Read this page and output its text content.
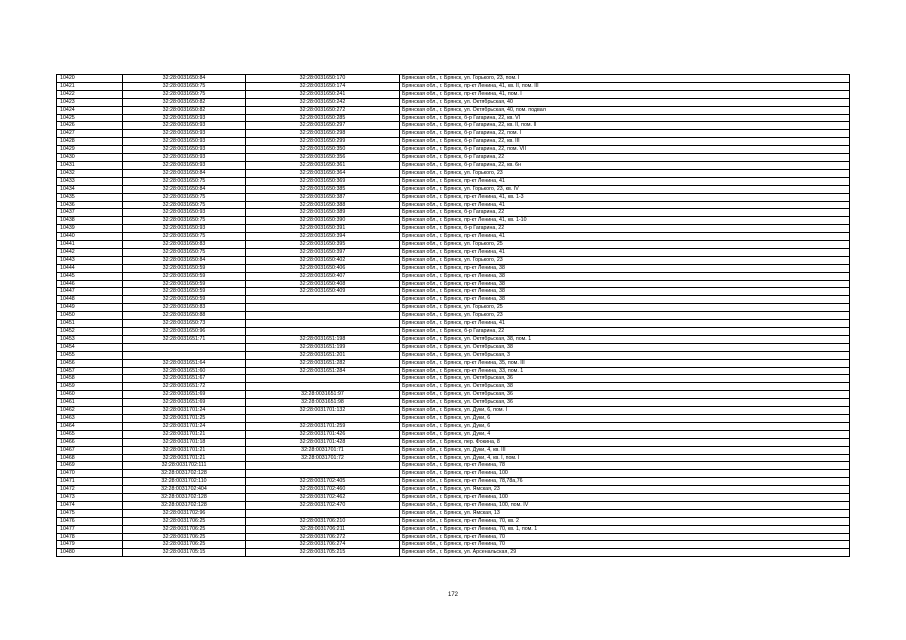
10420	32:28:0031650:84	32:28:0031650:170	Брянская обл., г. Брянск, ул. Горького, 23, пом. I
10421	32:28:0031650:75	32:28:0031650:174	Брянская обл., г. Брянск, пр-кт Ленина, 41, кв. II, пом. III
10422	32:28:0031650:75	32:28:0031650:241	Брянская обл., г. Брянск, пр-кт Ленина, 41, пом. I
10423	32:28:0031650:82	32:28:0031650:242	Брянская обл., г. Брянск, ул. Октябрьская, 40
10424	32:28:0031650:82	32:28:0031650:272	Брянская обл., г. Брянск, ул. Октябрьская, 40, пом. подвал
10425	32:28:0031650:93	32:28:0031650:285	Брянская обл., г. Брянск, б-р Гагарина, 22, кв. VI
10426	32:28:0031650:93	32:28:0031650:297	Брянская обл., г. Брянск, б-р Гагарина, 22, кв. II, пом. II
10427	32:28:0031650:93	32:28:0031650:298	Брянская обл., г. Брянск, б-р Гагарина, 22, пом. I
10428	32:28:0031650:93	32:28:0031650:299	Брянская обл., г. Брянск, б-р Гагарина, 22, кв. III
10429	32:28:0031650:93	32:28:0031650:350	Брянская обл., г. Брянск, б-р Гагарина, 22, пом. VII
10430	32:28:0031650:93	32:28:0031650:356	Брянская обл., г. Брянск, б-р Гагарина, 22
10431	32:28:0031650:93	32:28:0031650:361	Брянская обл., г. Брянск, б-р Гагарина, 22, кв. 6н
10432	32:28:0031650:84	32:28:0031650:364	Брянская обл., г. Брянск, ул. Горького, 23
10433	32:28:0031650:75	32:28:0031650:369	Брянская обл., г. Брянск, пр-кт Ленина, 41
10434	32:28:0031650:84	32:28:0031650:385	Брянская обл., г. Брянск, ул. Горького, 23, кв. IV
10435	32:28:0031650:75	32:28:0031650:387	Брянская обл., г. Брянск, пр-кт Ленина, 41, кв. 1-3
10436	32:28:0031650:75	32:28:0031650:388	Брянская обл., г. Брянск, пр-кт Ленина, 41
10437	32:28:0031650:93	32:28:0031650:389	Брянская обл., г. Брянск, б-р Гагарина, 22
10438	32:28:0031650:75	32:28:0031650:390	Брянская обл., г. Брянск, пр-кт Ленина, 41, кв. 1-10
10439	32:28:0031650:93	32:28:0031650:391	Брянская обл., г. Брянск, б-р Гагарина, 22
10440	32:28:0031650:75	32:28:0031650:394	Брянская обл., г. Брянск, пр-кт Ленина, 41
10441	32:28:0031650:83	32:28:0031650:395	Брянская обл., г. Брянск, ул. Горького, 25
10442	32:28:0031650:75	32:28:0031650:397	Брянская обл., г. Брянск, пр-кт Ленина, 41
10443	32:28:0031650:84	32:28:0031650:402	Брянская обл., г. Брянск, ул. Горького, 23
10444	32:28:0031650:59	32:28:0031650:406	Брянская обл., г. Брянск, пр-кт Ленина, 38
10445	32:28:0031650:59	32:28:0031650:407	Брянская обл., г. Брянск, пр-кт Ленина, 38
10446	32:28:0031650:59	32:28:0031650:408	Брянская обл., г. Брянск, пр-кт Ленина, 38
10447	32:28:0031650:59	32:28:0031650:409	Брянская обл., г. Брянск, пр-кт Ленина, 38
10448	32:28:0031650:59		Брянская обл., г. Брянск, пр-кт Ленина, 38
10449	32:28:0031650:83		Брянская обл., г. Брянск, ул. Горького, 25
10450	32:28:0031650:88		Брянская обл., г. Брянск, ул. Горького, 23
10451	32:28:0031650:73		Брянская обл., г. Брянск, пр-кт Ленина, 41
10452	32:28:0031650:96		Брянская обл., г. Брянск, б-р Гагарина, 22
10453	32:28:0031651:71	32:28:0031651:198	Брянская обл., г. Брянск, ул. Октябрьская, 38, пом. 1
10454		32:28:0031651:199	Брянская обл., г. Брянск, ул. Октябрьская, 38
10455		32:28:0031651:201	Брянская обл., г. Брянск, ул. Октябрьская, 3
10456	32:28:0031651:64	32:28:0031651:282	Брянская обл., г. Брянск, пр-кт Ленина, 35, пом. III
10457	32:28:0031651:60	32:28:0031651:284	Брянская обл., г. Брянск, пр-кт Ленина, 33, пом. 1
10458	32:28:0031651:67		Брянская обл., г. Брянск, ул. Октябрьская, 36
10459	32:28:0031651:72		Брянская обл., г. Брянск, ул. Октябрьская, 38
10460	32:28:0031651:69	32:28:0031651:97	Брянская обл., г. Брянск, ул. Октябрьская, 36
10461	32:28:0031651:69	32:28:0031651:98	Брянская обл., г. Брянск, ул. Октябрьская, 36
10462	32:28:0031701:24	32:28:0031701:132	Брянская обл., г. Брянск, ул. Дуки, 6, пом. I
10463	32:28:0031701:25		Брянская обл., г. Брянск, ул. Дуки, 6
10464	32:28:0031701:24	32:28:0031701:259	Брянская обл., г. Брянск, ул. Дуки, 6
10465	32:28:0031701:21	32:28:0031701:426	Брянская обл., г. Брянск, ул. Дуки, 4
10466	32:28:0031701:18	32:28:0031701:428	Брянская обл., г. Брянск, пер. Фокина, 8
10467	32:28:0031701:21	32:28:0031701:71	Брянская обл., г. Брянск, ул. Дуки, 4, кв. III
10468	32:28:0031701:21	32:28:0031701:72	Брянская обл., г. Брянск, ул. Дуки, 4, кв. I, пом. I
10469	32:28:0031702:111		Брянская обл., г. Брянск, пр-кт Ленина, 78
10470	32:28:0031702:128		Брянская обл., г. Брянск, пр-кт Ленина, 100
10471	32:28:0031702:110	32:28:0031702:405	Брянская обл., г. Брянск, пр-кт Ленина, 78,78а,76
10472	32:28:0031702:404	32:28:0031702:460	Брянская обл., г. Брянск, ул. Ямская, 23
10473	32:28:0031702:128	32:28:0031702:462	Брянская обл., г. Брянск, пр-кт Ленина, 100
10474	32:28:0031702:128	32:28:0031702:470	Брянская обл., г. Брянск, пр-кт Ленина, 100, пом. IV
10475	32:28:0031702:96		Брянская обл., г. Брянск, ул. Ямская, 13
10476	32:28:0031706:25	32:28:0031706:210	Брянская обл., г. Брянск, пр-кт Ленина, 70, кв. 2
10477	32:28:0031706:25	32:28:0031706:211	Брянская обл., г. Брянск, пр-кт Ленина, 70, кв. 1, пом. 1
10478	32:28:0031706:25	32:28:0031706:272	Брянская обл., г. Брянск, пр-кт Ленина, 70
10479	32:28:0031706:25	32:28:0031706:274	Брянская обл., г. Брянск, пр-кт Ленина, 70
10480	32:28:0031705:15	32:28:0031705:215	Брянская обл., г. Брянск, ул. Арсенальская, 29
172
